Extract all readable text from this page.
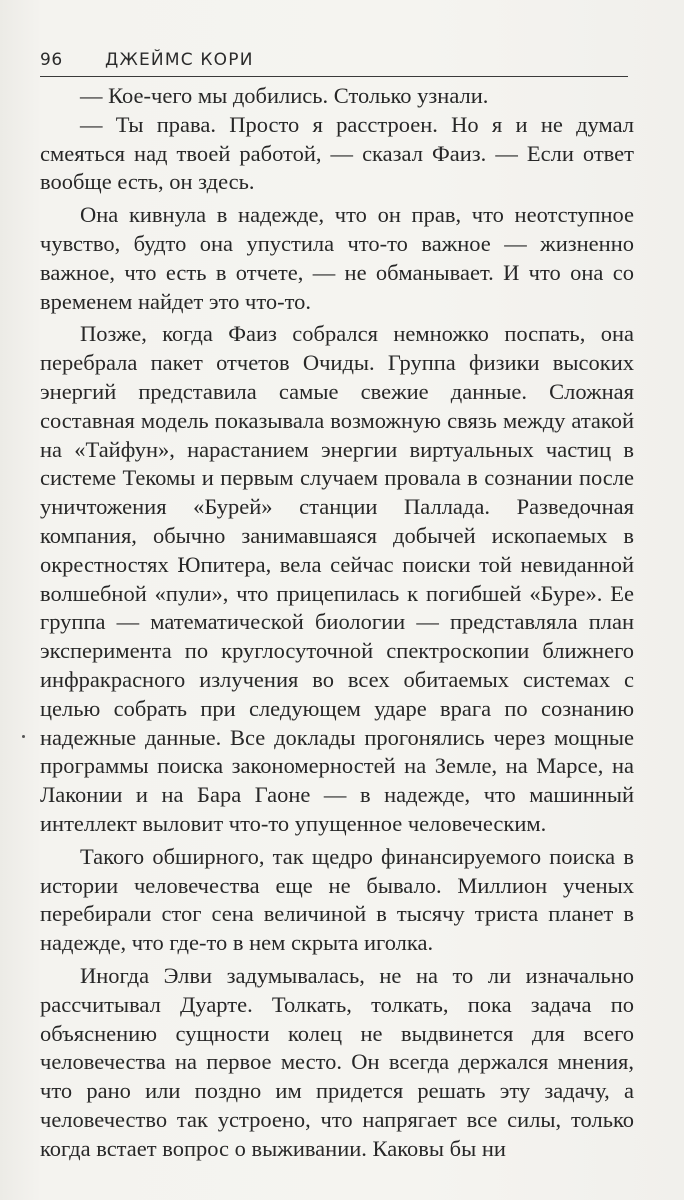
96 ДЖЕЙМС КОРИ

— Кое-чего мы добились. Столько узнали.

— Ты права. Просто я расстроен. Но я и не думал смеяться над твоей работой, — сказал Фаиз. — Если ответ вообще есть, он здесь.

Она кивнула в надежде, что он прав, что неотступное чувство, будто она упустила что-то важное — жизненно важное, что есть в отчете, — не обманывает. И что она со временем найдет это что-то.

Позже, когда Фаиз собрался немножко поспать, она перебрала пакет отчетов Очиды. Группа физики высоких энергий представила самые свежие данные. Сложная составная модель показывала возможную связь между атакой на «Тайфун», нарастанием энергии виртуальных частиц в системе Текомы и первым случаем провала в сознании после уничтожения «Бурей» станции Паллада. Разведочная компания, обычно занимавшаяся добычей ископаемых в окрестностях Юпитера, вела сейчас поиски той невиданной волшебной «пули», что прицепилась к погибшей «Буре». Ее группа — математической биологии — представляла план эксперимента по круглосуточной спектроскопии ближнего инфракрасного излучения во всех обитаемых системах с целью собрать при следующем ударе врага по сознанию надежные данные. Все доклады прогонялись через мощные программы поиска закономерностей на Земле, на Марсе, на Лаконии и на Бара Гаоне — в надежде, что машинный интеллект выловит что-то упущенное человеческим.

Такого обширного, так щедро финансируемого поиска в истории человечества еще не бывало. Миллион ученых перебирали стог сена величиной в тысячу триста планет в надежде, что где-то в нем скрыта иголка.

Иногда Элви задумывалась, не на то ли изначально рассчитывал Дуарте. Толкать, толкать, пока задача по объяснению сущности колец не выдвинется для всего человечества на первое место. Он всегда держался мнения, что рано или поздно им придется решать эту задачу, а человечество так устроено, что напрягает все силы, только когда встает вопрос о выживании. Каковы бы ни
